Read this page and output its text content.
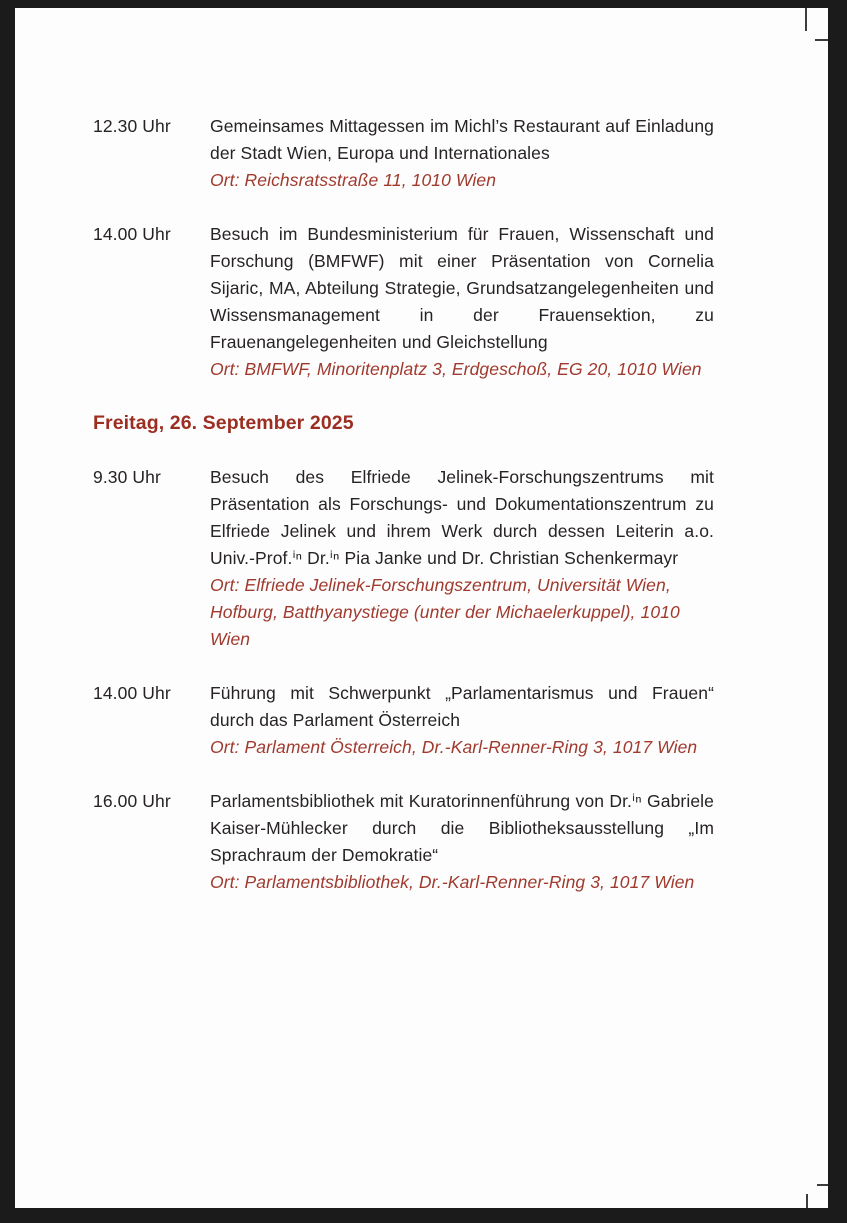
12.30 Uhr	Gemeinsames Mittagessen im Michl’s Restaurant auf Einladung der Stadt Wien, Europa und Internationales
Ort: Reichsratsstraße 11, 1010 Wien
14.00 Uhr	Besuch im Bundesministerium für Frauen, Wissenschaft und Forschung (BMFWF) mit einer Präsentation von Cornelia Sijaric, MA, Abteilung Strategie, Grundsatzangelegenheiten und Wissensmanagement in der Frauensektion, zu Frauenangelegenheiten und Gleichstellung
Ort: BMFWF, Minoritenplatz 3, Erdgeschoß, EG 20, 1010 Wien
Freitag, 26. September 2025
9.30 Uhr	Besuch des Elfriede Jelinek-Forschungszentrums mit Präsentation als Forschungs- und Dokumentationszentrum zu Elfriede Jelinek und ihrem Werk durch dessen Leiterin a.o. Univ.-Prof.ⁱⁿ Dr.ⁱⁿ Pia Janke und Dr. Christian Schenkermayr
Ort: Elfriede Jelinek-Forschungszentrum, Universität Wien, Hofburg, Batthyanystiege (unter der Michaelerkuppel), 1010 Wien
14.00 Uhr	Führung mit Schwerpunkt „Parlamentarismus und Frauen“ durch das Parlament Österreich
Ort: Parlament Österreich, Dr.-Karl-Renner-Ring 3, 1017 Wien
16.00 Uhr	Parlamentsbibliothek mit Kuratorinnenführung von Dr.ⁱⁿ Gabriele Kaiser-Mühlecker durch die Bibliotheksausstellung „Im Sprachraum der Demokratie“
Ort: Parlamentsbibliothek, Dr.-Karl-Renner-Ring 3, 1017 Wien
